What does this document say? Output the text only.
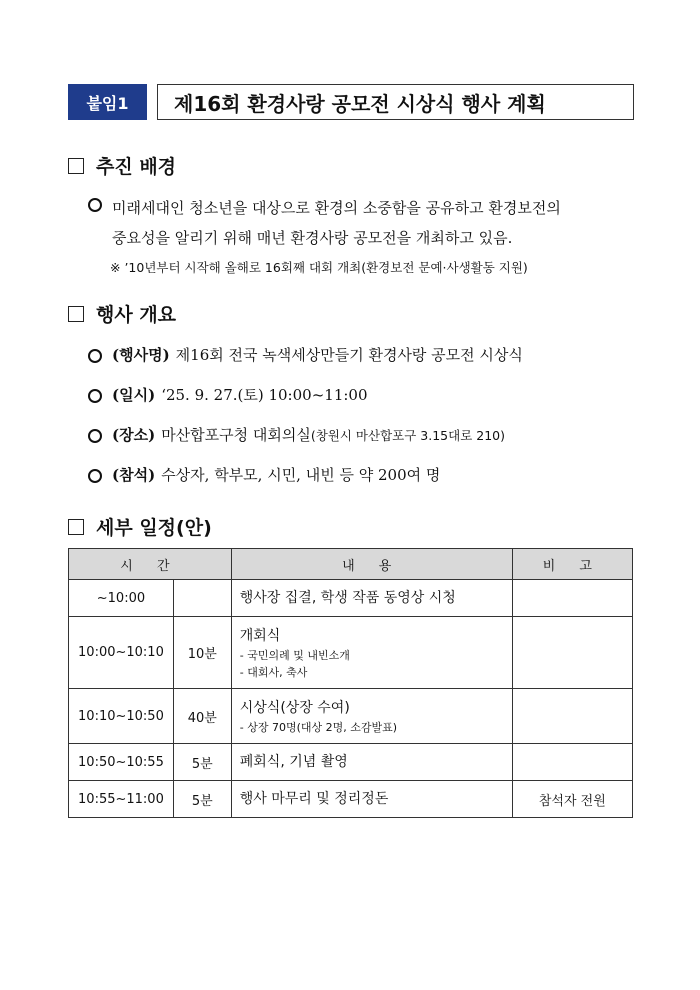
붙임1	제16회 환경사랑 공모전 시상식 행사 계획
추진 배경
미래세대인 청소년을 대상으로 환경의 소중함을 공유하고 환경보전의
중요성을 알리기 위해 매년 환경사랑 공모전을 개최하고 있음.
※ ’10년부터 시작해 올해로 16회째 대회 개최(환경보전 문예·사생활동 지원)
행사 개요
(행사명) 제16회 전국 녹색세상만들기 환경사랑 공모전 시상식
(일시) ‘25. 9. 27.(토) 10:00~11:00
(장소) 마산합포구청 대회의실 (창원시 마산합포구 3.15대로 210)
(참석) 수상자, 학부모, 시민, 내빈 등 약 200여 명
세부 일정(안)
시 간		내 용	비 고
~10:00		행사장 집결, 학생 작품 동영상 시청	
10:00~10:10	10분	개회식
- 국민의례 및 내빈소개
- 대회사, 축사	

10:10~10:50	40분	시상식(상장 수여)
- 상장 70명(대상 2명, 소감발표)	

10:50~10:55	5분	폐회식, 기념 촬영	
10:55~11:00	5분	행사 마무리 및 정리정돈	참석자 전원
